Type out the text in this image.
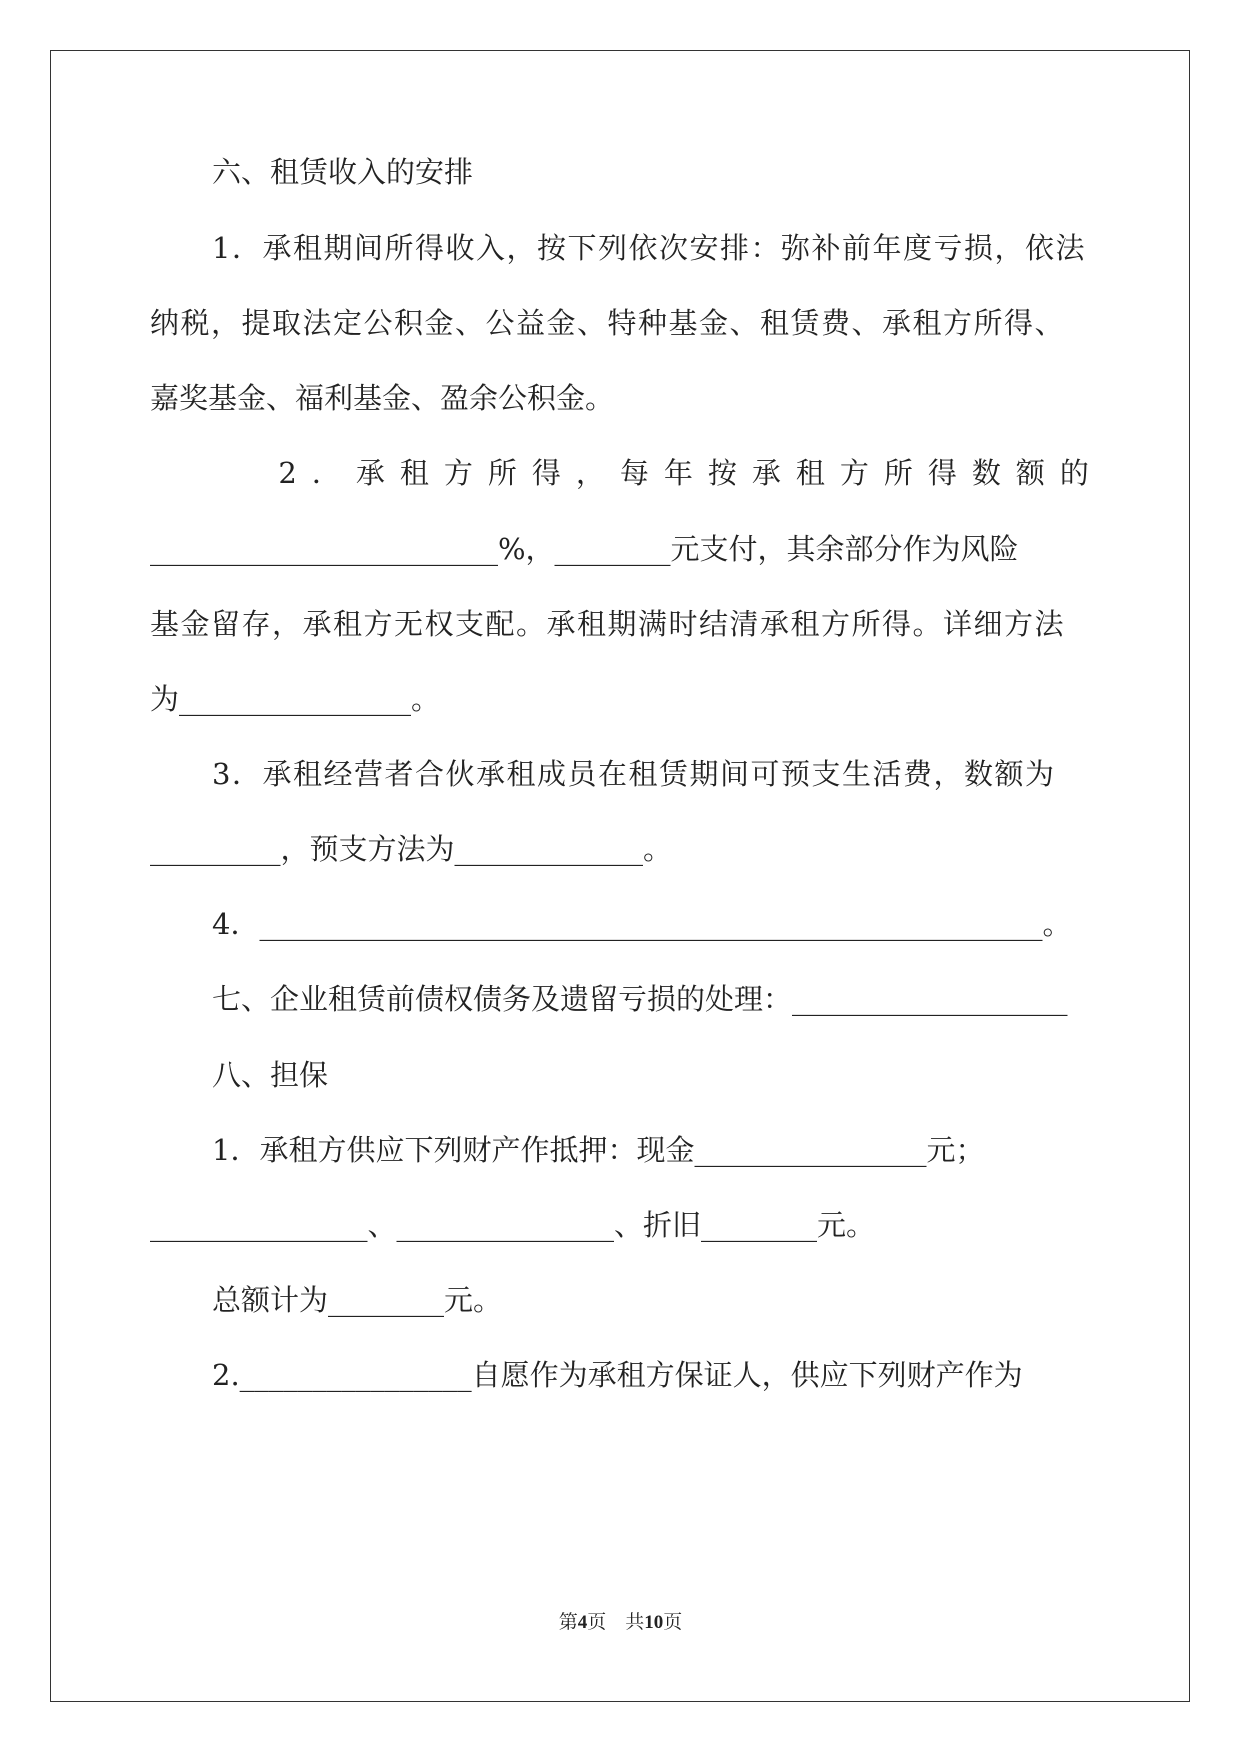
六、租赁收入的安排
1．承租期间所得收入，按下列依次安排：弥补前年度亏损，依法
纳税，提取法定公积金、公益金、特种基金、租赁费、承租方所得、
嘉奖基金、福利基金、盈余公积金。
2．承租方所得，每年按承租方所得数额的
________________________%，________元支付，其余部分作为风险
基金留存，承租方无权支配。承租期满时结清承租方所得。详细方法
为________________。
3．承租经营者合伙承租成员在租赁期间可预支生活费，数额为
_________，预支方法为_____________。
4．______________________________________________________。
七、企业租赁前债权债务及遗留亏损的处理：___________________
八、担保
1．承租方供应下列财产作抵押：现金________________元；
_______________、_______________、折旧________元。
总额计为________元。
2.________________自愿作为承租方保证人，供应下列财产作为
第4页　共10页
